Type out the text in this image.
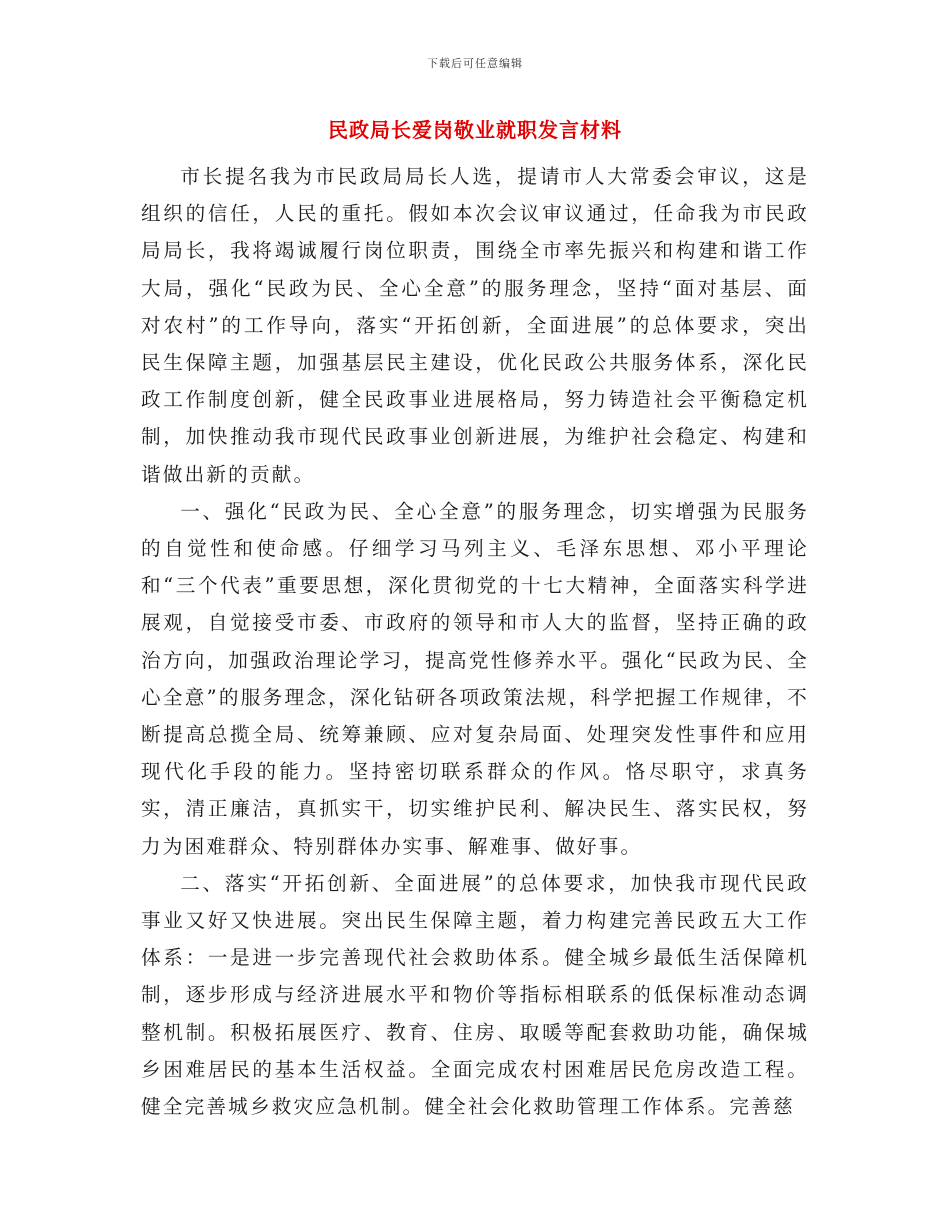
下载后可任意编辑
民政局长爱岗敬业就职发言材料

市长提名我为市民政局局长人选，提请市人大常委会审议，这是组织的信任，人民的重托。假如本次会议审议通过，任命我为市民政局局长，我将竭诚履行岗位职责，围绕全市率先振兴和构建和谐工作大局，强化“民政为民、全心全意”的服务理念，坚持“面对基层、面对农村”的工作导向，落实“开拓创新，全面进展”的总体要求，突出民生保障主题，加强基层民主建设，优化民政公共服务体系，深化民政工作制度创新，健全民政事业进展格局，努力铸造社会平衡稳定机制，加快推动我市现代民政事业创新进展，为维护社会稳定、构建和谐做出新的贡献。

一、强化“民政为民、全心全意”的服务理念，切实增强为民服务的自觉性和使命感。仔细学习马列主义、毛泽东思想、邓小平理论和“三个代表”重要思想，深化贯彻党的十七大精神，全面落实科学进展观，自觉接受市委、市政府的领导和市人大的监督，坚持正确的政治方向，加强政治理论学习，提高党性修养水平。强化“民政为民、全心全意”的服务理念，深化钻研各项政策法规，科学把握工作规律，不断提高总揽全局、统筹兼顾、应对复杂局面、处理突发性事件和应用现代化手段的能力。坚持密切联系群众的作风。恪尽职守，求真务实，清正廉洁，真抓实干，切实维护民利、解决民生、落实民权，努力为困难群众、特别群体办实事、解难事、做好事。

二、落实“开拓创新、全面进展”的总体要求，加快我市现代民政事业又好又快进展。突出民生保障主题，着力构建完善民政五大工作体系：一是进一步完善现代社会救助体系。健全城乡最低生活保障机制，逐步形成与经济进展水平和物价等指标相联系的低保标准动态调整机制。积极拓展医疗、教育、住房、取暖等配套救助功能，确保城乡困难居民的基本生活权益。全面完成农村困难居民危房改造工程。健全完善城乡救灾应急机制。健全社会化救助管理工作体系。完善慈
